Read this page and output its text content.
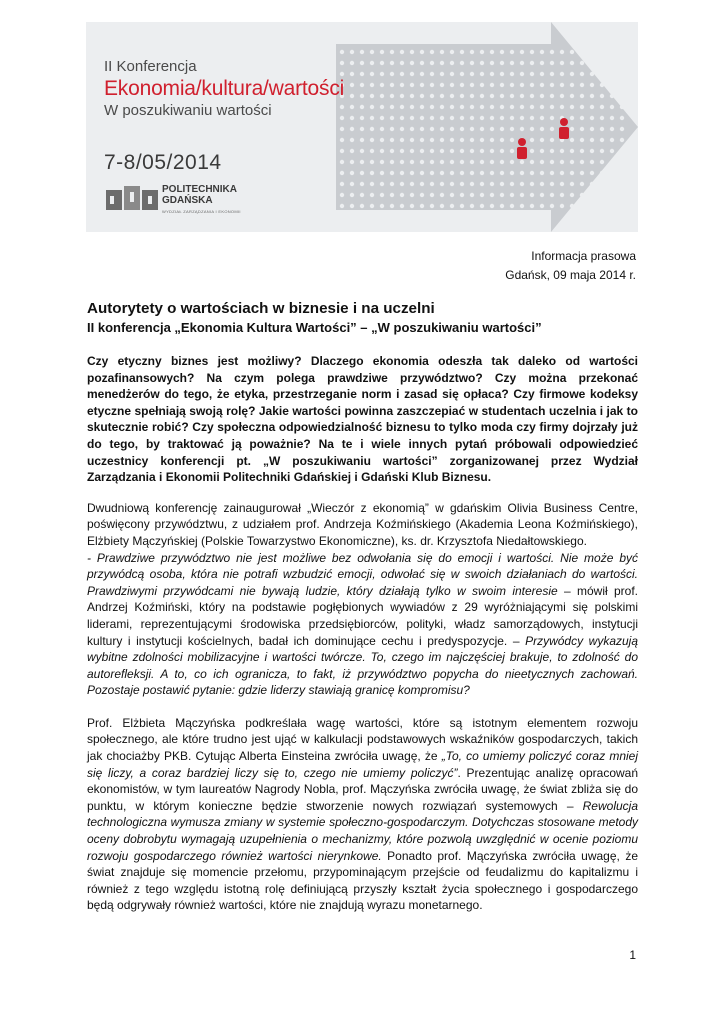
II Konferencja
Ekonomia/kultura/wartości
W poszukiwaniu wartości
7-8/05/2014
POLITECHNIKA
GDAŃSKA
WYDZIAŁ ZARZĄDZANIA I EKONOMII
Informacja prasowa
Gdańsk, 09 maja 2014 r.
Autorytety o wartościach w biznesie i na uczelni
II konferencja „Ekonomia Kultura Wartości” – „W poszukiwaniu wartości”

Czy etyczny biznes jest możliwy? Dlaczego ekonomia odeszła tak daleko od wartości pozafinansowych? Na czym polega prawdziwe przywództwo? Czy można przekonać menedżerów do tego, że etyka, przestrzeganie norm i zasad się opłaca? Czy firmowe kodeksy etyczne spełniają swoją rolę? Jakie wartości powinna zaszczepiać w studentach uczelnia i jak to skutecznie robić? Czy społeczna odpowiedzialność biznesu to tylko moda czy firmy dojrzały już do tego, by traktować ją poważnie? Na te i wiele innych pytań próbowali odpowiedzieć uczestnicy konferencji pt. „W poszukiwaniu wartości” zorganizowanej przez Wydział Zarządzania i Ekonomii Politechniki Gdańskiej i Gdański Klub Biznesu.

Dwudniową konferencję zainaugurował „Wieczór z ekonomią” w gdańskim Olivia Business Centre, poświęcony przywództwu, z udziałem prof. Andrzeja Koźmińskiego (Akademia Leona Koźmińskiego), Elżbiety Mączyńskiej (Polskie Towarzystwo Ekonomiczne), ks. dr. Krzysztofa Niedałtowskiego.

- Prawdziwe przywództwo nie jest możliwe bez odwołania się do emocji i wartości. Nie może być przywódcą osoba, która nie potrafi wzbudzić emocji, odwołać się w swoich działaniach do wartości. Prawdziwymi przywódcami nie bywają ludzie, który działają tylko w swoim interesie – mówił prof. Andrzej Koźmiński, który na podstawie pogłębionych wywiadów z 29 wyróżniającymi się polskimi liderami, reprezentującymi środowiska przedsiębiorców, polityki, władz samorządowych, instytucji kultury i instytucji kościelnych, badał ich dominujące cechu i predyspozycje. – Przywódcy wykazują wybitne zdolności mobilizacyjne i wartości twórcze. To, czego im najczęściej brakuje, to zdolność do autorefleksji. A to, co ich ogranicza, to fakt, iż przywództwo popycha do nieetycznych zachowań. Pozostaje postawić pytanie: gdzie liderzy stawiają granicę kompromisu?

Prof. Elżbieta Mączyńska podkreślała wagę wartości, które są istotnym elementem rozwoju społecznego, ale które trudno jest ująć w kalkulacji podstawowych wskaźników gospodarczych, takich jak chociażby PKB. Cytując Alberta Einsteina zwróciła uwagę, że „To, co umiemy policzyć coraz mniej się liczy, a coraz bardziej liczy się to, czego nie umiemy policzyć”. Prezentując analizę opracowań ekonomistów, w tym laureatów Nagrody Nobla, prof. Mączyńska zwróciła uwagę, że świat zbliża się do punktu, w którym konieczne będzie stworzenie nowych rozwiązań systemowych – Rewolucja technologiczna wymusza zmiany w systemie społeczno-gospodarczym. Dotychczas stosowane metody oceny dobrobytu wymagają uzupełnienia o mechanizmy, które pozwolą uwzględnić w ocenie poziomu rozwoju gospodarczego również wartości nierynkowe. Ponadto prof. Mączyńska zwróciła uwagę, że świat znajduje się momencie przełomu, przypominającym przejście od feudalizmu do kapitalizmu i również z tego względu istotną rolę definiującą przyszły kształt życia społecznego i gospodarczego będą odgrywały również wartości, które nie znajdują wyrazu monetarnego.

1
